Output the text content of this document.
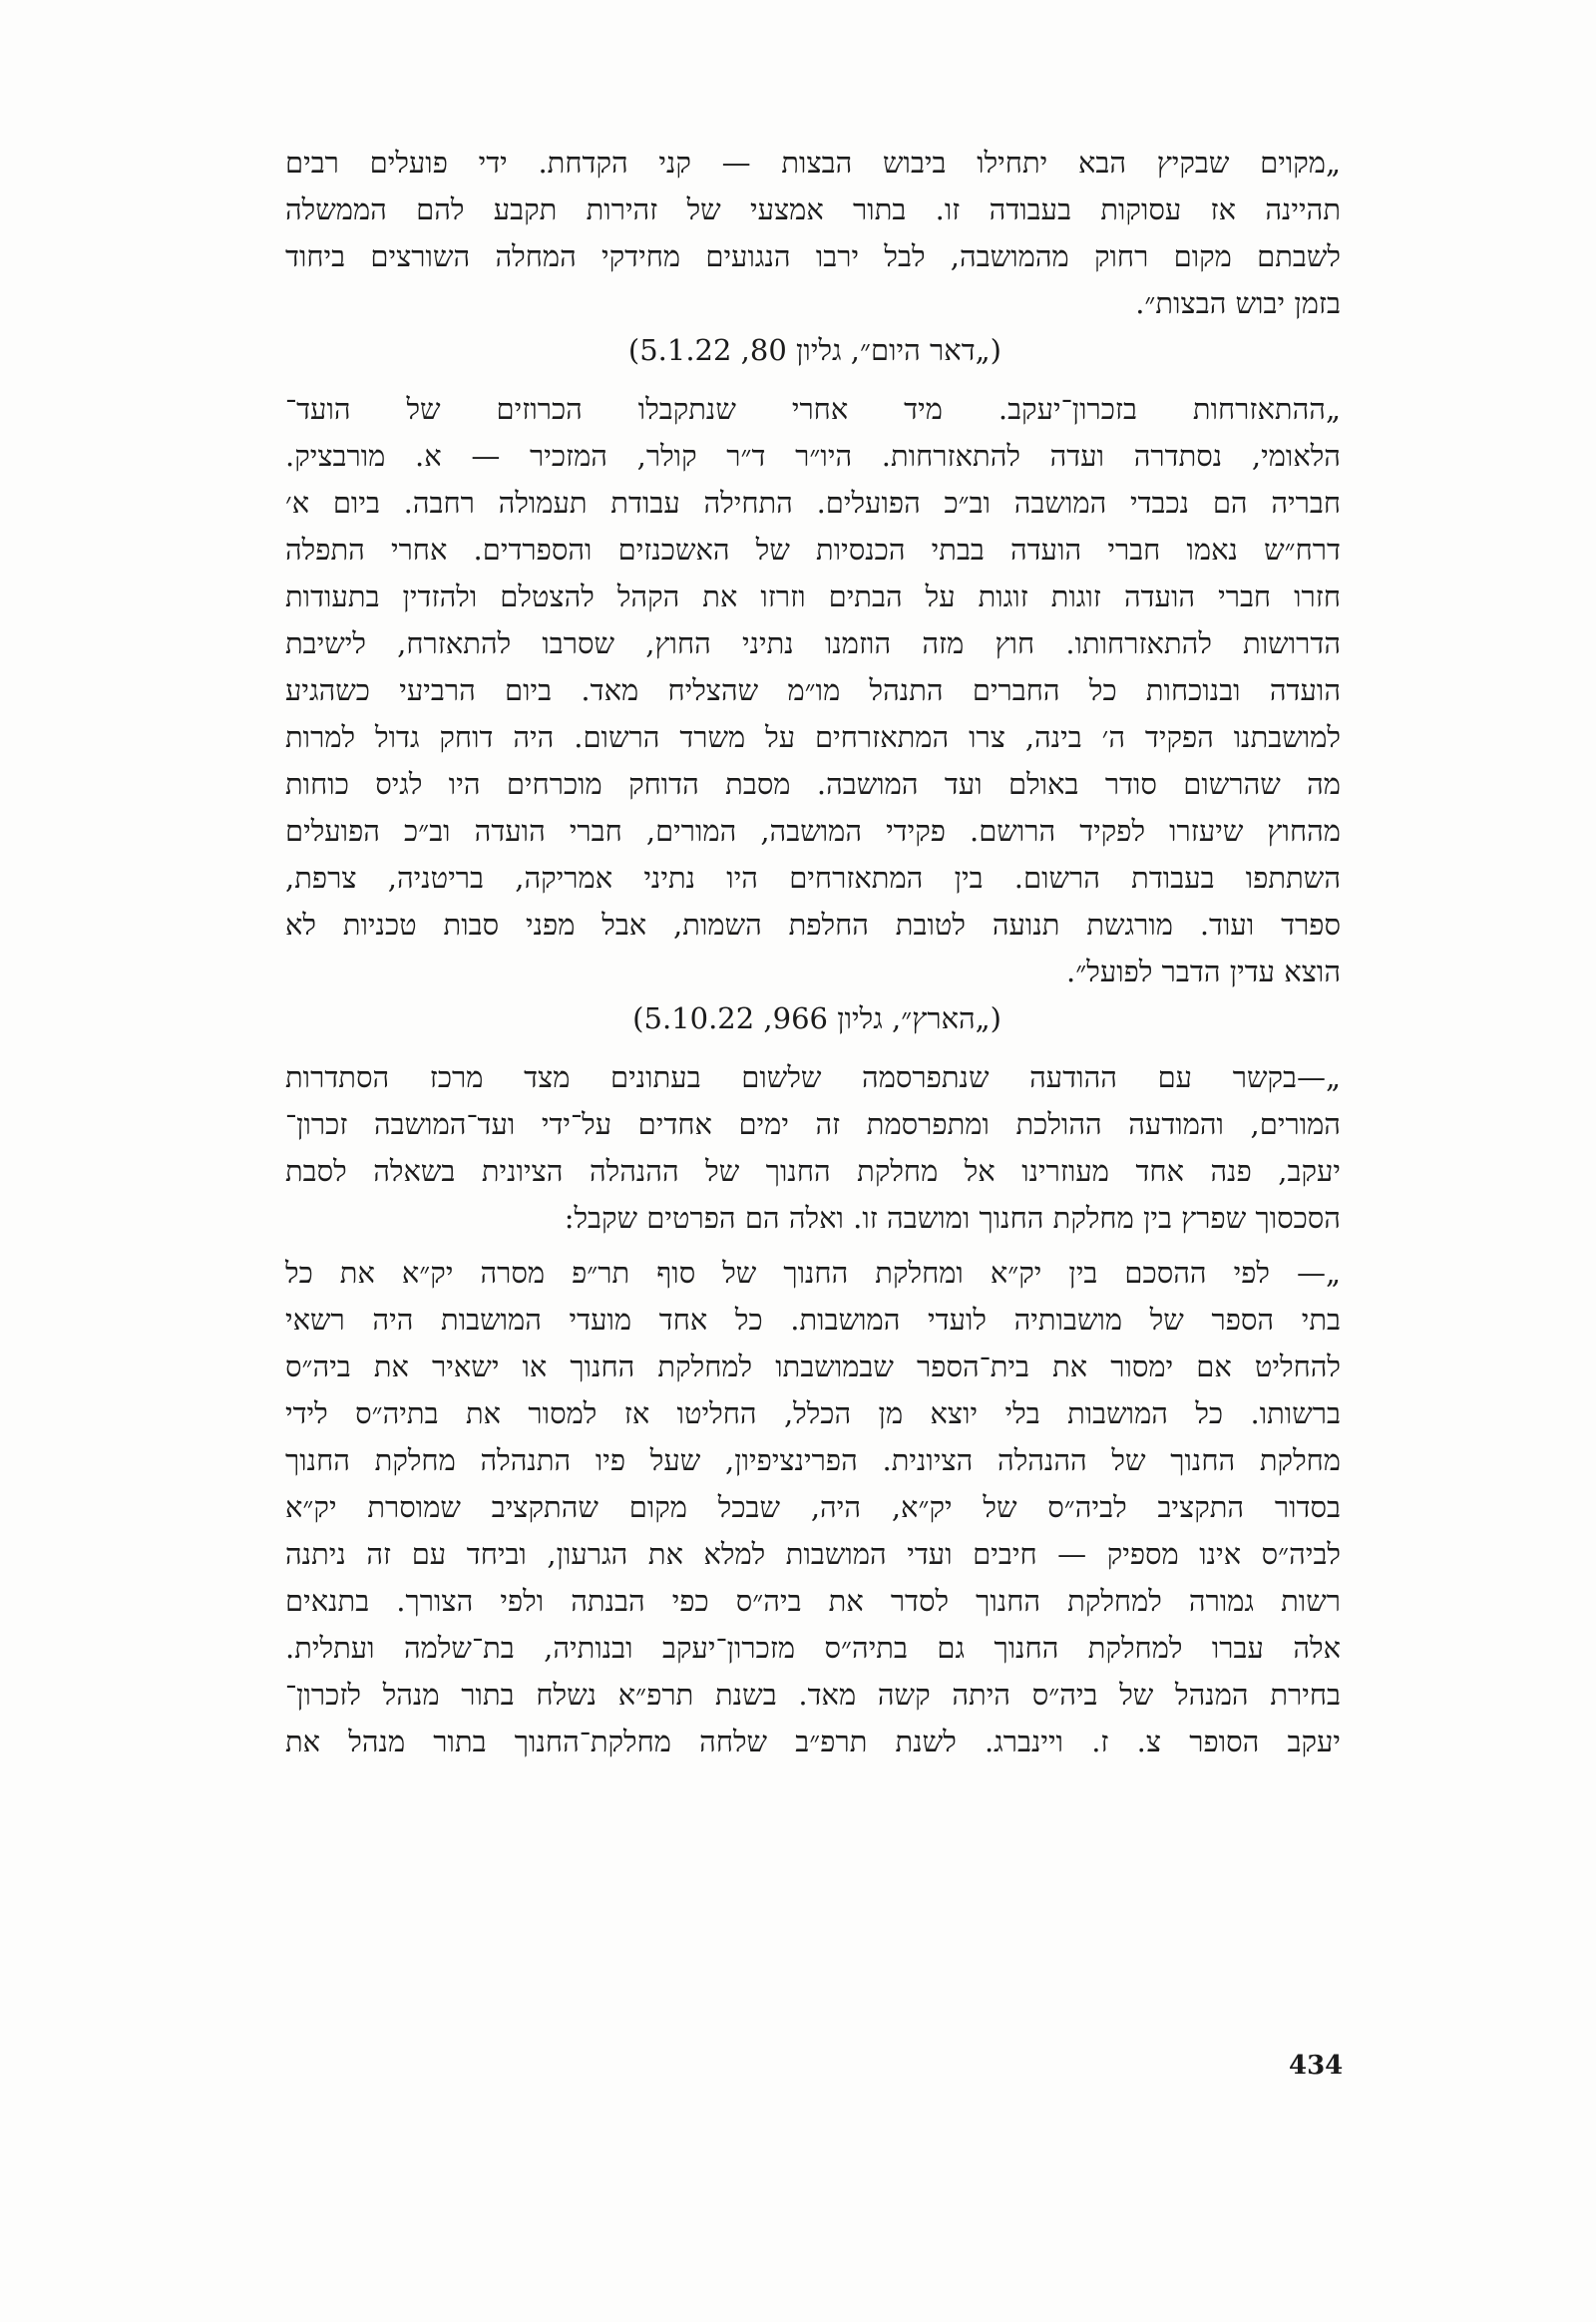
„מקוים שבקיץ הבא יתחילו ביבוש הבצות — קני הקדחת. ידי פועלים רבים
תהיינה אז עסוקות בעבודה זו. בתור אמצעי של זהירות תקבע להם הממשלה
לשבתם מקום רחוק מהמושבה, לבל ירבו הנגועים מחידקי המחלה השורצים ביחוד
בזמן יבוש הבצות״.
(„דאר היום״, גליון 80, 5.1.22)
„ההתאזרחות בזכרון־יעקב. מיד אחרי שנתקבלו הכרוזים של הועד־
הלאומי, נסתדרה ועדה להתאזרחות. היו״ר ד״ר קולר, המזכיר — א. מורבציק.
חבריה הם נכבדי המושבה וב״כ הפועלים. התחילה עבודת תעמולה רחבה. ביום א׳
דרח״ש נאמו חברי הועדה בבתי הכנסיות של האשכנזים והספרדים. אחרי התפלה
חזרו חברי הועדה זוגות זוגות על הבתים וזרזו את הקהל להצטלם ולהזדין בתעודות
הדרושות להתאזרחותו. חוץ מזה הוזמנו נתיני החוץ, שסרבו להתאזרח, לישיבת
הועדה ובנוכחות כל החברים התנהל מו״מ שהצליח מאד. ביום הרביעי כשהגיע
למושבתנו הפקיד ה׳ בינה, צרו המתאזרחים על משרד הרשום. היה דוחק גדול למרות
מה שהרשום סודר באולם ועד המושבה. מסבת הדוחק מוכרחים היו לגיס כוחות
מהחוץ שיעזרו לפקיד הרושם. פקידי המושבה, המורים, חברי הועדה וב״כ הפועלים
השתתפו בעבודת הרשום. בין המתאזרחים היו נתיני אמריקה, בריטניה, צרפת,
ספרד ועוד. מורגשת תנועה לטובת החלפת השמות, אבל מפני סבות טכניות לא
הוצא עדין הדבר לפועל״.
(„הארץ״, גליון 966, 5.10.22)
„—בקשר עם ההודעה שנתפרסמה שלשום בעתונים מצד מרכז הסתדרות
המורים, והמודעה ההולכת ומתפרסמת זה ימים אחדים על־ידי ועד־המושבה זכרון־
יעקב, פנה אחד מעוזרינו אל מחלקת החנוך של ההנהלה הציונית בשאלה לסבת
הסכסוך שפרץ בין מחלקת החנוך ומושבה זו. ואלה הם הפרטים שקבל:
„— לפי ההסכם בין יק״א ומחלקת החנוך של סוף תר״פ מסרה יק״א את כל
בתי הספר של מושבותיה לועדי המושבות. כל אחד מועדי המושבות היה רשאי
להחליט אם ימסור את בית־הספר שבמושבתו למחלקת החנוך או ישאיר את ביה״ס
ברשותו. כל המושבות בלי יוצא מן הכלל, החליטו אז למסור את בתיה״ס לידי
מחלקת החנוך של ההנהלה הציונית. הפרינציפיון, שעל פיו התנהלה מחלקת החנוך
בסדור התקציב לביה״ס של יק״א, היה, שבכל מקום שהתקציב שמוסרת יק״א
לביה״ס אינו מספיק — חיבים ועדי המושבות למלא את הגרעון, וביחד עם זה ניתנה
רשות גמורה למחלקת החנוך לסדר את ביה״ס כפי הבנתה ולפי הצורך. בתנאים
אלה עברו למחלקת החנוך גם בתיה״ס מזכרון־יעקב ובנותיה, בת־שלמה ועתלית.
בחירת המנהל של ביה״ס היתה קשה מאד. בשנת תרפ״א נשלח בתור מנהל לזכרון־
יעקב הסופר צ. ז. ויינברג. לשנת תרפ״ב שלחה מחלקת־החנוך בתור מנהל את
434
